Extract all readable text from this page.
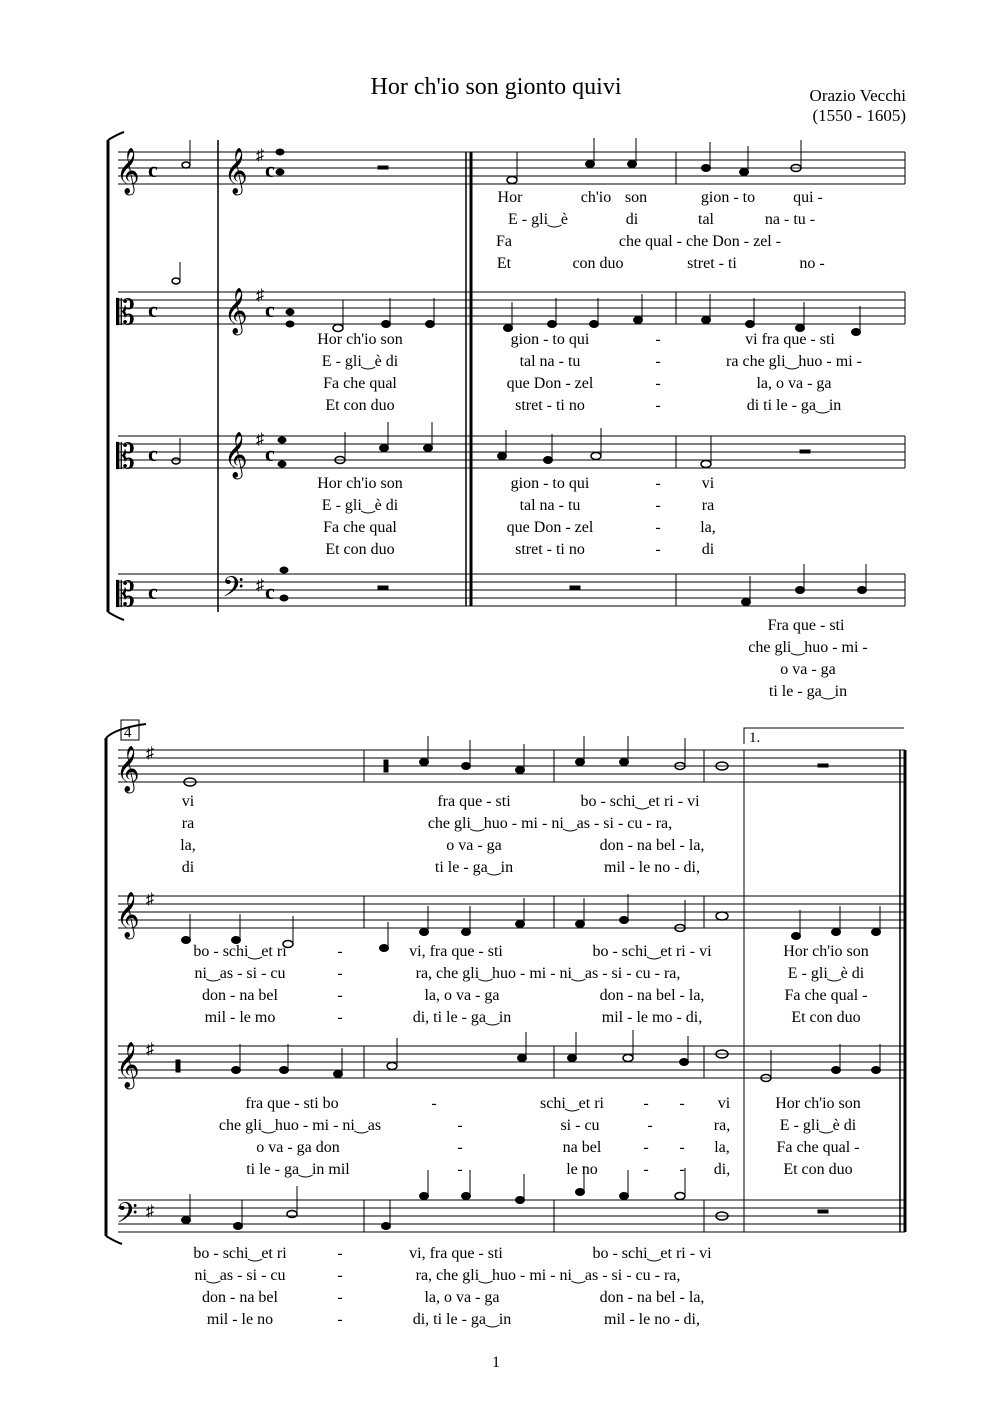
Hor ch'io son gionto quivi	Orazio Vecchi
(1550 - 1605)
𝄞 𝄞
𝄡 𝄞
𝄡 𝄞
𝄡	𝄢
c	c
c	c
c	c
c	c
♯
♯
♯
♯
𝄞
𝄞
𝄞
𝄢
♯
♯
♯
♯
4	1.
Hor	ch'io son	gion - to qui -
E - gli‿è	di	tal	na - tu -
Fa	che qual - che Don - zel -
Et	con duo	stret - ti	no -
Hor ch'io son	gion - to qui	-	vi fra que - sti
E - gli‿è di	tal na - tu	-	ra che gli‿huo - mi -
Fa che qual	que Don - zel	-	la, o va - ga
Et con duo	stret - ti no	-	di ti le - ga‿in
Hor ch'io son	gion - to qui	-	vi
E - gli‿è di	tal na - tu	-	ra
Fa che qual	que Don - zel	- la,
Et con duo	stret - ti no	-	di
Fra que - sti
che gli‿huo - mi -
o va - ga
ti le - ga‿in
vi	fra que - sti	bo - schi‿et ri - vi
ra	che gli‿huo - mi - ni‿as - si - cu - ra,
la,	o va - ga	don - na bel - la,
di	ti le - ga‿in	mil - le no - di,
bo - schi‿et ri	-	vi, fra que - sti	bo - schi‿et ri - vi	Hor ch'io son
ni‿as - si - cu	-	ra, che gli‿huo - mi - ni‿as - si - cu - ra,	E - gli‿è di
don - na bel	-	la, o va - ga	don - na bel - la,	Fa che qual -
mil - le mo	-	di, ti le - ga‿in	mil - le mo - di,	Et con duo
fra que - sti bo	-	schi‿et ri - - vi	Hor ch'io son
che gli‿huo - mi - ni‿as	-	si - cu	-	ra,	E - gli‿è di
o va - ga don	-	na bel	- - la,	Fa che qual -
ti le - ga‿in mil	-	le no	- - di,	Et con duo
bo - schi‿et ri	-	vi, fra que - sti	bo - schi‿et ri - vi
ni‿as - si - cu	-	ra, che gli‿huo - mi - ni‿as - si - cu - ra,
don - na bel	-	la, o va - ga	don - na bel - la,
mil - le no	-	di, ti le - ga‿in	mil - le no - di,
1
